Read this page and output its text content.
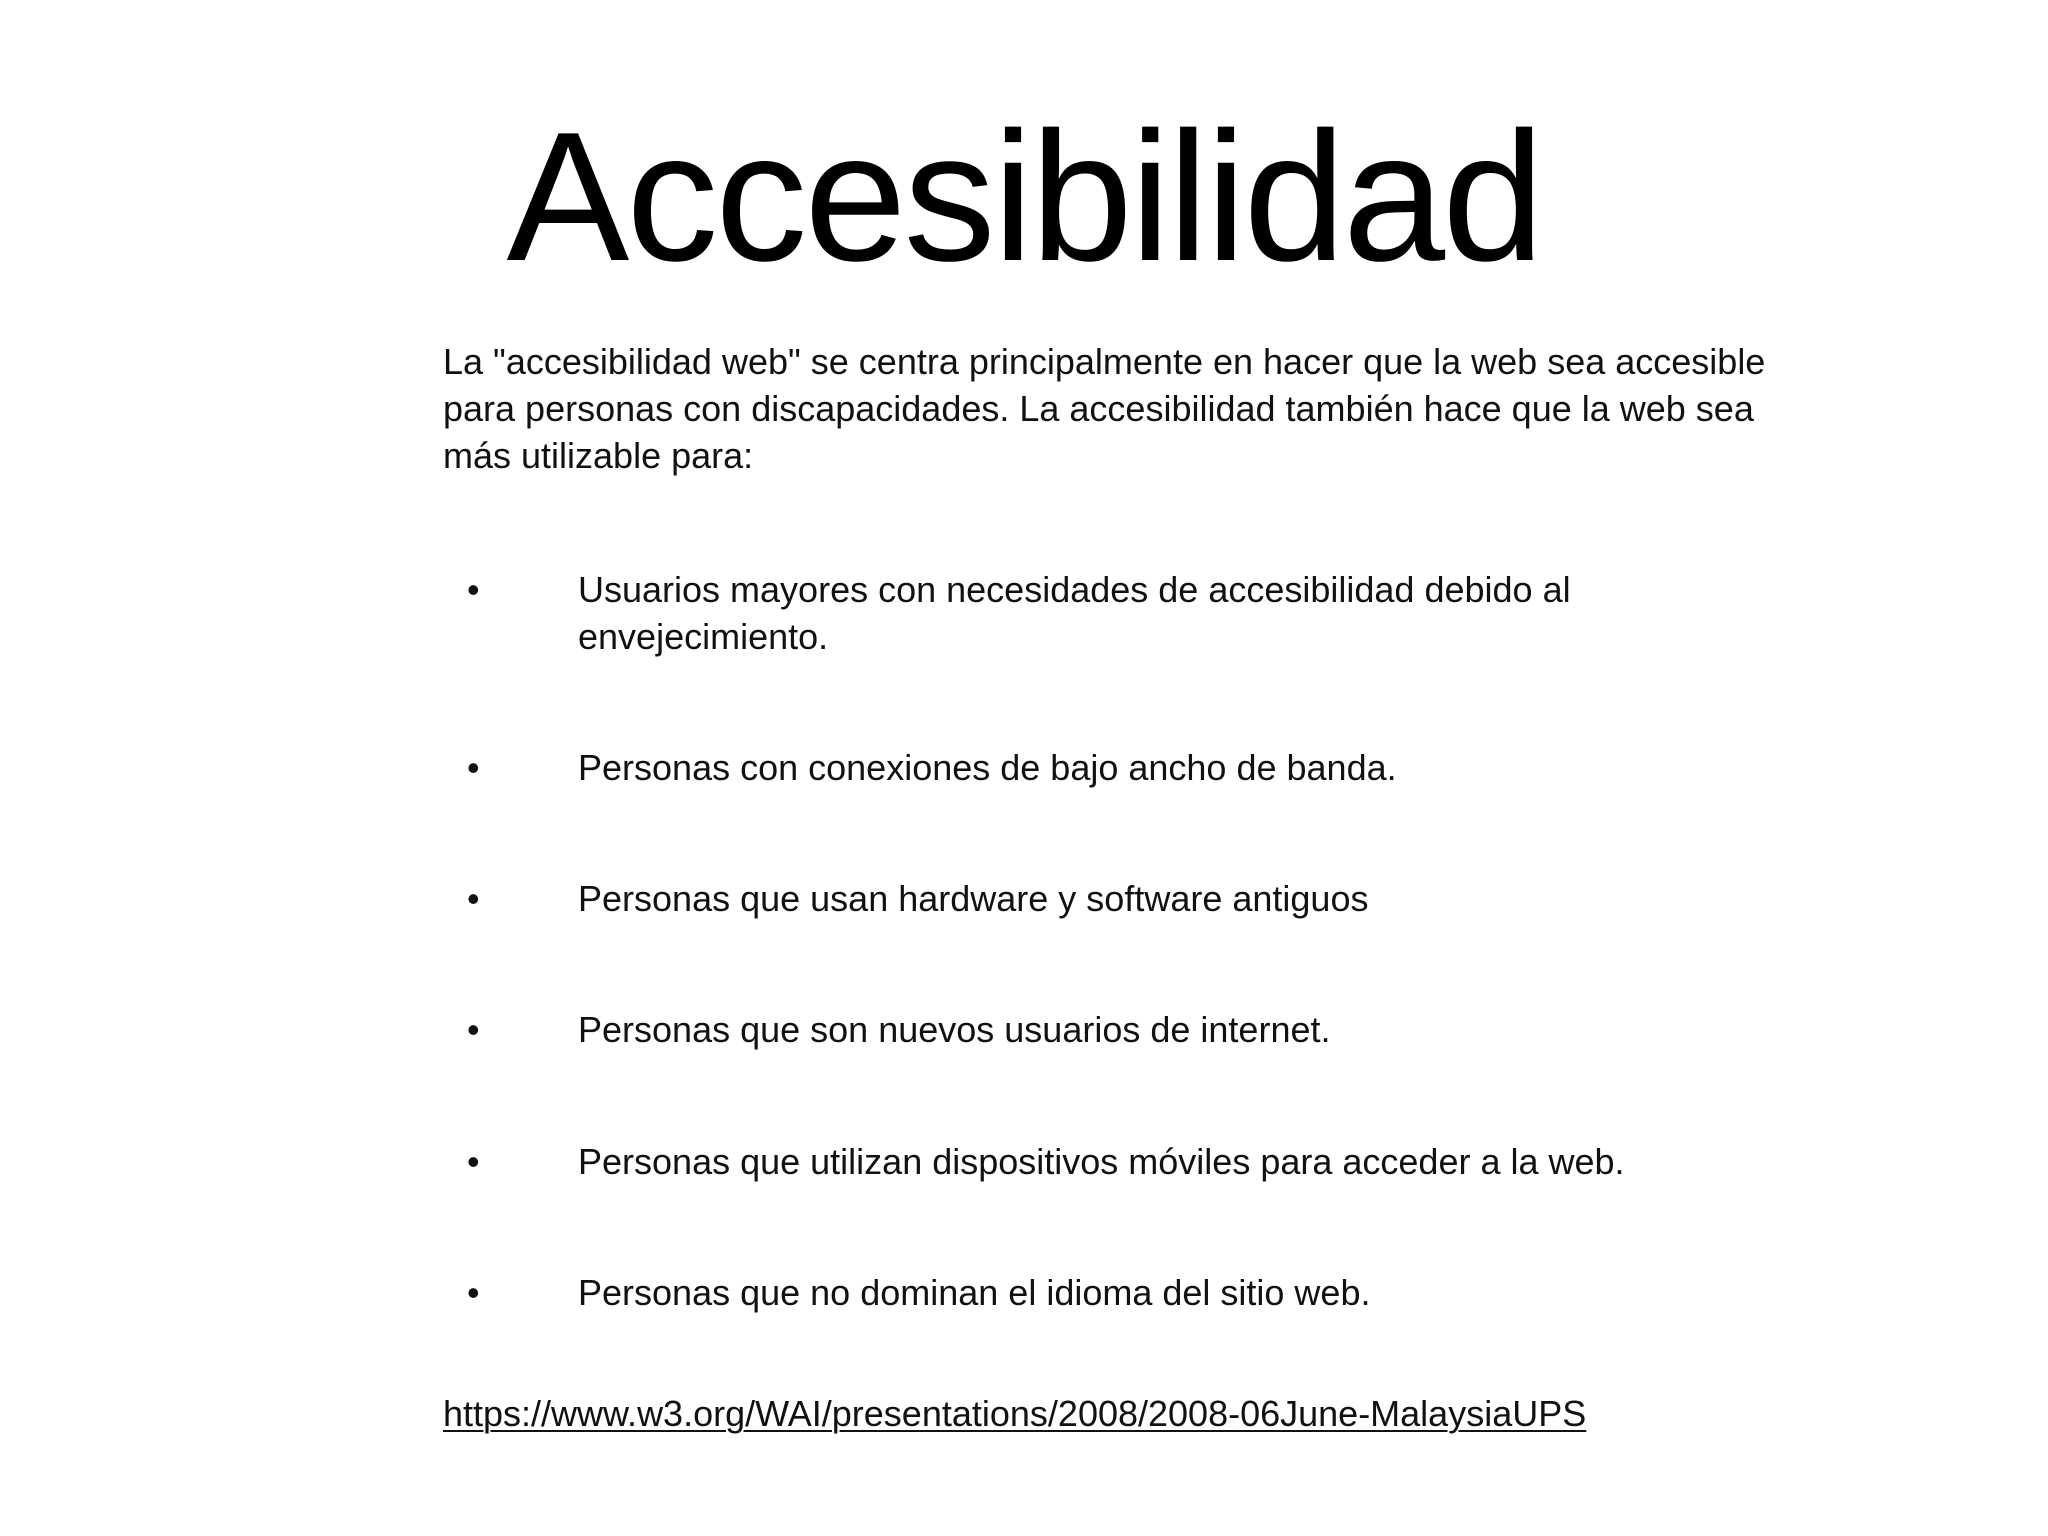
Accesibilidad
La "accesibilidad web" se centra principalmente en hacer que la web sea accesible para personas con discapacidades. La accesibilidad también hace que la web sea más utilizable para:
•	Usuarios mayores con necesidades de accesibilidad debido al envejecimiento.
•	Personas con conexiones de bajo ancho de banda.
•	Personas que usan hardware y software antiguos
•	Personas que son nuevos usuarios de internet.
•	Personas que utilizan dispositivos móviles para acceder a la web.
•	Personas que no dominan el idioma del sitio web.
https://www.w3.org/WAI/presentations/2008/2008-06June-MalaysiaUPS
